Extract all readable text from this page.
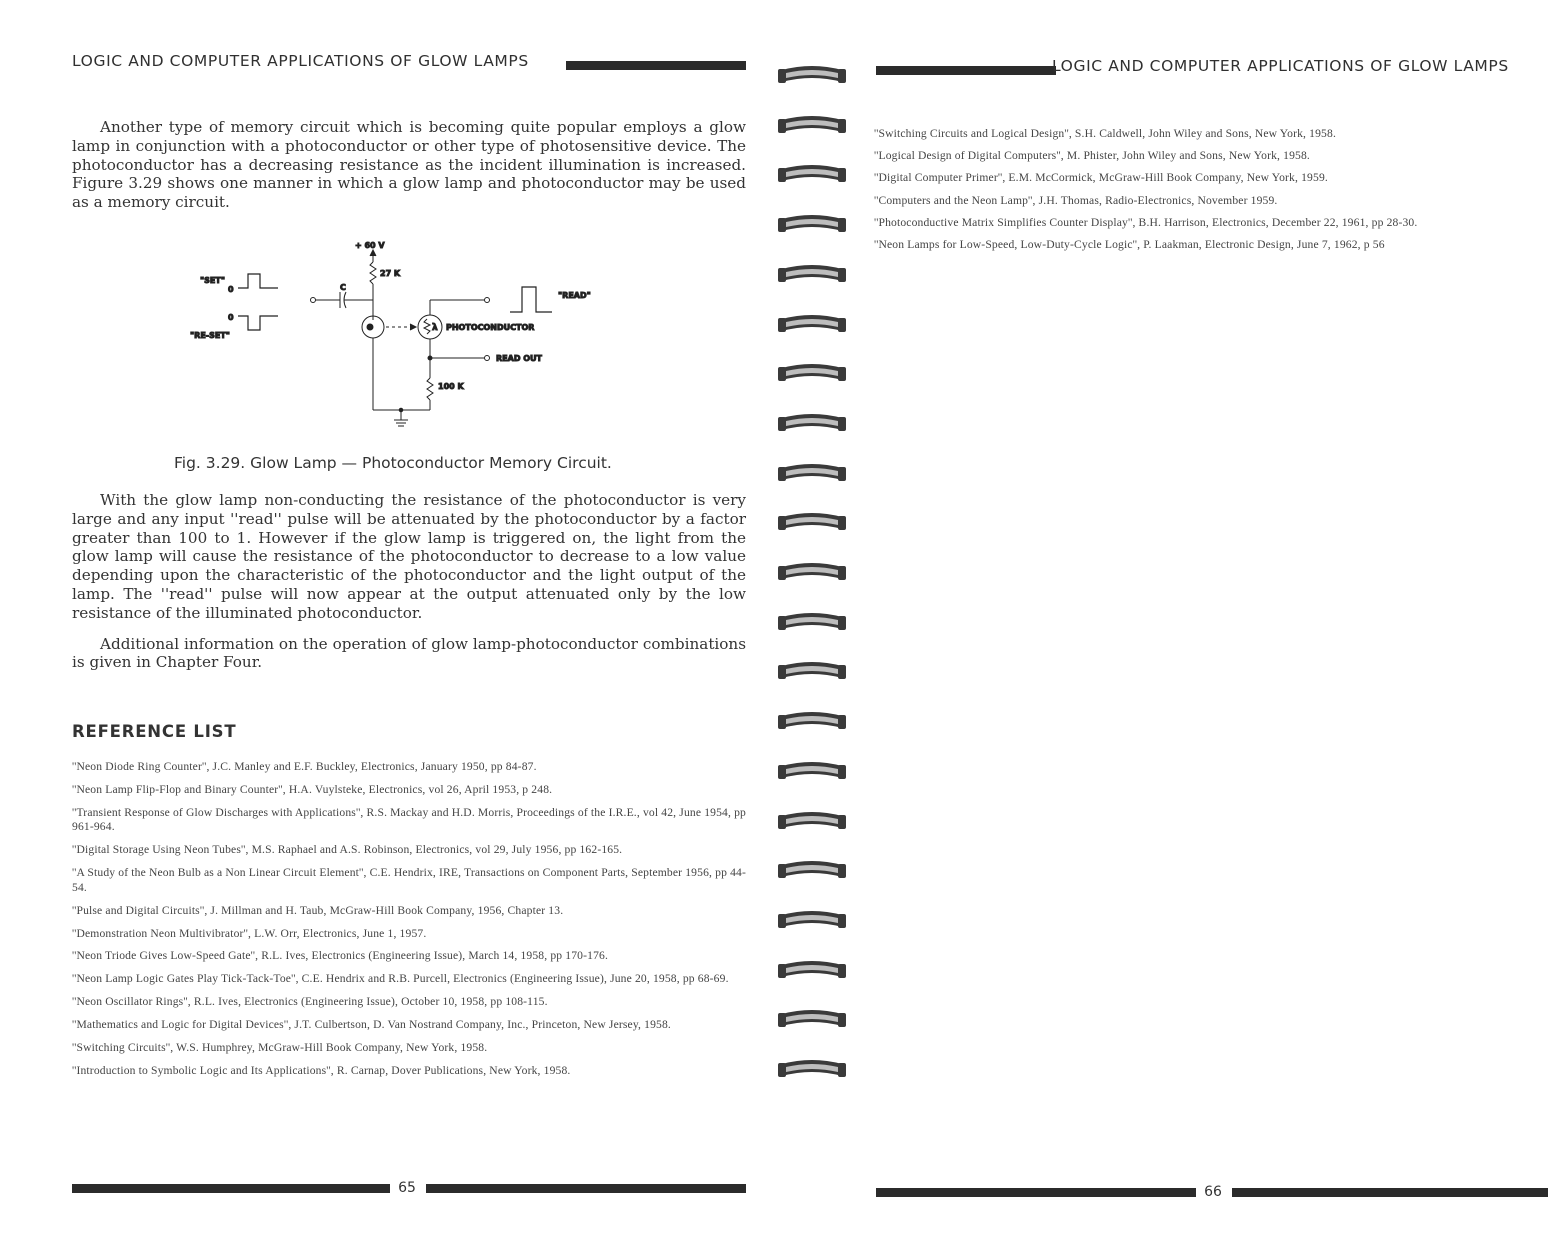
LOGIC AND COMPUTER APPLICATIONS OF GLOW LAMPS

Another type of memory circuit which is becoming quite popular employs a glow lamp in conjunction with a photoconductor or other type of photosensitive device. The photoconductor has a decreasing resistance as the incident illumination is increased. Figure 3.29 shows one manner in which a glow lamp and photoconductor may be used as a memory circuit.

+ 60 V
27 K
C
"SET"
0
0
"RE-SET"
λ PHOTOCONDUCTOR
"READ"
READ OUT
100 K
Fig. 3.29. Glow Lamp — Photoconductor Memory Circuit.

With the glow lamp non-conducting the resistance of the photoconductor is very large and any input ''read'' pulse will be attenuated by the photoconductor by a factor greater than 100 to 1. However if the glow lamp is triggered on, the light from the glow lamp will cause the resistance of the photoconductor to decrease to a low value depending upon the characteristic of the photoconductor and the light output of the lamp. The ''read'' pulse will now appear at the output attenuated only by the low resistance of the illuminated photoconductor.

Additional information on the operation of glow lamp-photoconductor combinations is given in Chapter Four.

REFERENCE LIST
''Neon Diode Ring Counter'', J.C. Manley and E.F. Buckley, Electronics, January 1950, pp 84-87.
''Neon Lamp Flip-Flop and Binary Counter'', H.A. Vuylsteke, Electronics, vol 26, April 1953, p 248.
''Transient Response of Glow Discharges with Applications'', R.S. Mackay and H.D. Morris, Proceedings of the I.R.E., vol 42, June 1954, pp 961-964.
''Digital Storage Using Neon Tubes'', M.S. Raphael and A.S. Robinson, Electronics, vol 29, July 1956, pp 162-165.
''A Study of the Neon Bulb as a Non Linear Circuit Element'', C.E. Hendrix, IRE, Transactions on Component Parts, September 1956, pp 44-54.
''Pulse and Digital Circuits'', J. Millman and H. Taub, McGraw-Hill Book Company, 1956, Chapter 13.
''Demonstration Neon Multivibrator'', L.W. Orr, Electronics, June 1, 1957.
''Neon Triode Gives Low-Speed Gate'', R.L. Ives, Electronics (Engineering Issue), March 14, 1958, pp 170-176.
''Neon Lamp Logic Gates Play Tick-Tack-Toe'', C.E. Hendrix and R.B. Purcell, Electronics (Engineering Issue), June 20, 1958, pp 68-69.
''Neon Oscillator Rings'', R.L. Ives, Electronics (Engineering Issue), October 10, 1958, pp 108-115.
''Mathematics and Logic for Digital Devices'', J.T. Culbertson, D. Van Nostrand Company, Inc., Princeton, New Jersey, 1958.
''Switching Circuits'', W.S. Humphrey, McGraw-Hill Book Company, New York, 1958.
''Introduction to Symbolic Logic and Its Applications'', R. Carnap, Dover Publications, New York, 1958.
65
LOGIC AND COMPUTER APPLICATIONS OF GLOW LAMPS
''Switching Circuits and Logical Design'', S.H. Caldwell, John Wiley and Sons, New York, 1958.
''Logical Design of Digital Computers'', M. Phister, John Wiley and Sons, New York, 1958.
''Digital Computer Primer'', E.M. McCormick, McGraw-Hill Book Company, New York, 1959.
''Computers and the Neon Lamp'', J.H. Thomas, Radio-Electronics, November 1959.
''Photoconductive Matrix Simplifies Counter Display'', B.H. Harrison, Electronics, December 22, 1961, pp 28-30.
''Neon Lamps for Low-Speed, Low-Duty-Cycle Logic'', P. Laakman, Electronic Design, June 7, 1962, p 56
66
